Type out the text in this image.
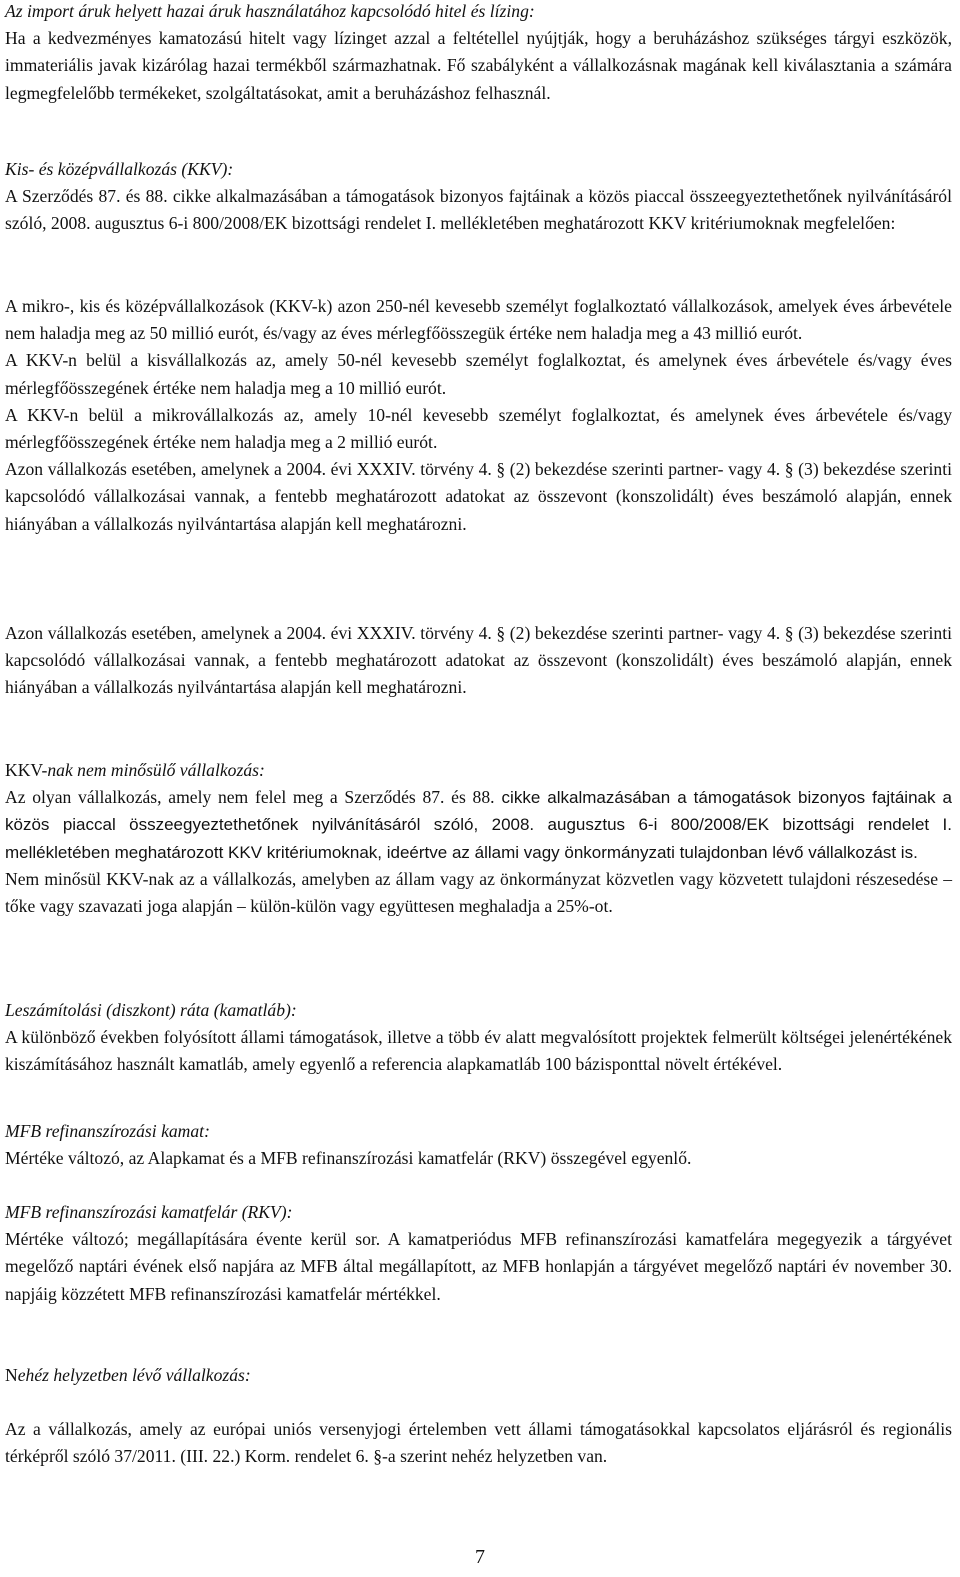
Az import áruk helyett hazai áruk használatához kapcsolódó hitel és lízing:

Ha a kedvezményes kamatozású hitelt vagy lízinget azzal a feltétellel nyújtják, hogy a beruházáshoz szükséges tárgyi eszközök, immateriális javak kizárólag hazai termékből származhatnak. Fő szabályként a vállalkozásnak magának kell kiválasztania a számára legmegfelelőbb termékeket, szolgáltatásokat, amit a beruházáshoz felhasznál.

Kis- és középvállalkozás (KKV):

A Szerződés 87. és 88. cikke alkalmazásában a támogatások bizonyos fajtáinak a közös piaccal összeegyeztethetőnek nyilvánításáról szóló, 2008. augusztus 6-i 800/2008/EK bizottsági rendelet I. mellékletében meghatározott KKV kritériumoknak megfelelően:

A mikro-, kis és középvállalkozások (KKV-k) azon 250-nél kevesebb személyt foglalkoztató vállalkozások, amelyek éves árbevétele nem haladja meg az 50 millió eurót, és/vagy az éves mérlegfőösszegük értéke nem haladja meg a 43 millió eurót.

A KKV-n belül a kisvállalkozás az, amely 50-nél kevesebb személyt foglalkoztat, és amelynek éves árbevétele és/vagy éves mérlegfőösszegének értéke nem haladja meg a 10 millió eurót.

A KKV-n belül a mikrovállalkozás az, amely 10-nél kevesebb személyt foglalkoztat, és amelynek éves árbevétele és/vagy mérlegfőösszegének értéke nem haladja meg a 2 millió eurót.

Azon vállalkozás esetében, amelynek a 2004. évi XXXIV. törvény 4. § (2) bekezdése szerinti partner- vagy 4. § (3) bekezdése szerinti kapcsolódó vállalkozásai vannak, a fentebb meghatározott adatokat az összevont (konszolidált) éves beszámoló alapján, ennek hiányában a vállalkozás nyilvántartása alapján kell meghatározni.

Azon vállalkozás esetében, amelynek a 2004. évi XXXIV. törvény 4. § (2) bekezdése szerinti partner- vagy 4. § (3) bekezdése szerinti kapcsolódó vállalkozásai vannak, a fentebb meghatározott adatokat az összevont (konszolidált) éves beszámoló alapján, ennek hiányában a vállalkozás nyilvántartása alapján kell meghatározni.

KKV-nak nem minősülő vállalkozás:

Az olyan vállalkozás, amely nem felel meg a Szerződés 87. és 88. cikke alkalmazásában a támogatások bizonyos fajtáinak a közös piaccal összeegyeztethetőnek nyilvánításáról szóló, 2008. augusztus 6-i 800/2008/EK bizottsági rendelet I. mellékletében meghatározott KKV kritériumoknak, ideértve az állami vagy önkormányzati tulajdonban lévő vállalkozást is.

Nem minősül KKV-nak az a vállalkozás, amelyben az állam vagy az önkormányzat közvetlen vagy közvetett tulajdoni részesedése – tőke vagy szavazati joga alapján – külön-külön vagy együttesen meghaladja a 25%-ot.

Leszámítolási (diszkont) ráta (kamatláb):

A különböző években folyósított állami támogatások, illetve a több év alatt megvalósított projektek felmerült költségei jelenértékének kiszámításához használt kamatláb, amely egyenlő a referencia alapkamatláb 100 bázisponttal növelt értékével.

MFB refinanszírozási kamat:

Mértéke változó, az Alapkamat és a MFB refinanszírozási kamatfelár (RKV) összegével egyenlő.

MFB refinanszírozási kamatfelár (RKV):

Mértéke változó; megállapítására évente kerül sor. A kamatperiódus MFB refinanszírozási kamatfelára megegyezik a tárgyévet megelőző naptári évének első napjára az MFB által megállapított, az MFB honlapján a tárgyévet megelőző naptári év november 30. napjáig közzétett MFB refinanszírozási kamatfelár mértékkel.

Nehéz helyzetben lévő vállalkozás:

Az a vállalkozás, amely az európai uniós versenyjogi értelemben vett állami támogatásokkal kapcsolatos eljárásról és regionális térképről szóló 37/2011. (III. 22.) Korm. rendelet 6. §-a szerint nehéz helyzetben van.

7
